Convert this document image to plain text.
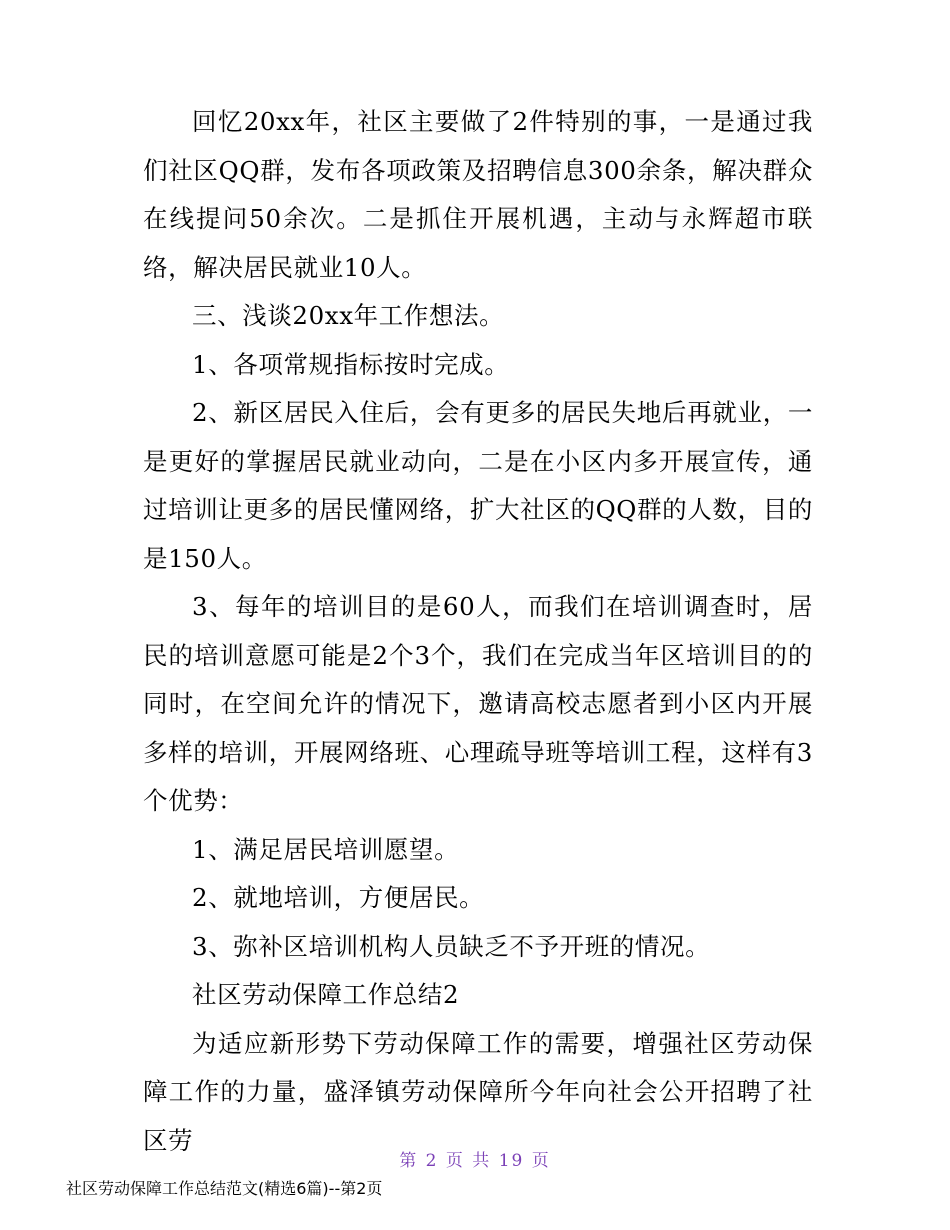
回忆20xx年，社区主要做了2件特别的事，一是通过我们社区QQ群，发布各项政策及招聘信息300余条，解决群众在线提问50余次。二是抓住开展机遇，主动与永辉超市联络，解决居民就业10人。

三、浅谈20xx年工作想法。

1、各项常规指标按时完成。

2、新区居民入住后，会有更多的居民失地后再就业，一是更好的掌握居民就业动向，二是在小区内多开展宣传，通过培训让更多的居民懂网络，扩大社区的QQ群的人数，目的是150人。

3、每年的培训目的是60人，而我们在培训调查时，居民的培训意愿可能是2个3个，我们在完成当年区培训目的的同时，在空间允许的情况下，邀请高校志愿者到小区内开展多样的培训，开展网络班、心理疏导班等培训工程，这样有3个优势：

1、满足居民培训愿望。

2、就地培训，方便居民。

3、弥补区培训机构人员缺乏不予开班的情况。

社区劳动保障工作总结2

为适应新形势下劳动保障工作的需要，增强社区劳动保障工作的力量，盛泽镇劳动保障所今年向社会公开招聘了社区劳

第 2 页 共 19 页
社区劳动保障工作总结范文(精选6篇)--第2页
